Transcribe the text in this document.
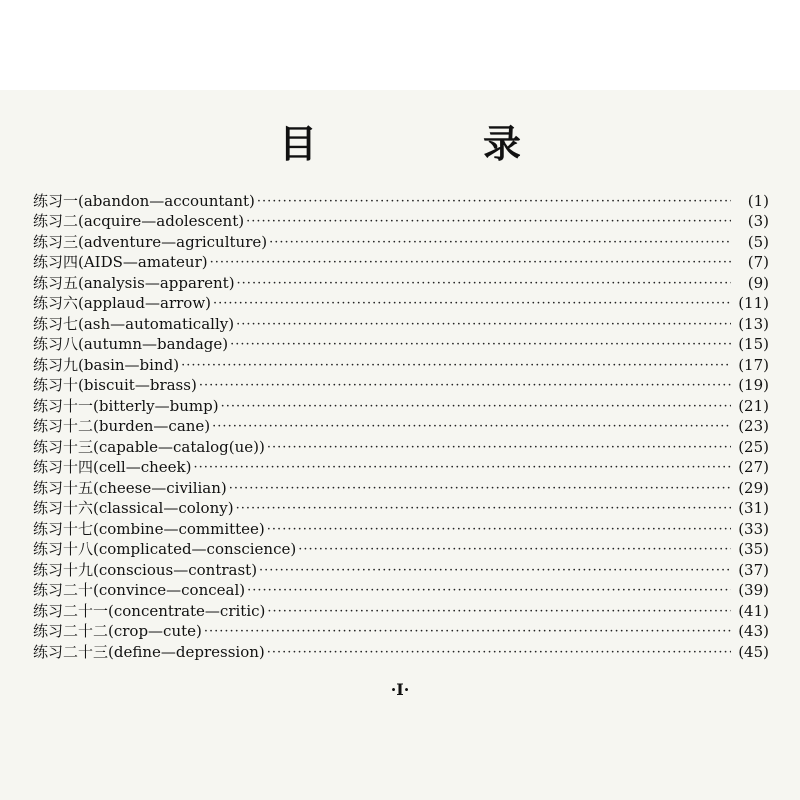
目　录
练习一(abandon—accountant) ·····	(1)
练习二(acquire—adolescent) ·····	(3)
练习三(adventure—agriculture) ·····	(5)
练习四(AIDS—amateur) ·····	(7)
练习五(analysis—apparent) ·····	(9)
练习六(applaud—arrow) ·····	(11)
练习七(ash—automatically) ·····	(13)
练习八(autumn—bandage) ·····	(15)
练习九(basin—bind) ·····	(17)
练习十(biscuit—brass) ·····	(19)
练习十一(bitterly—bump) ·····	(21)
练习十二(burden—cane) ·····	(23)
练习十三(capable—catalog(ue)) ·····	(25)
练习十四(cell—cheek) ·····	(27)
练习十五(cheese—civilian) ·····	(29)
练习十六(classical—colony) ·····	(31)
练习十七(combine—committee) ·····	(33)
练习十八(complicated—conscience) ·····	(35)
练习十九(conscious—contrast) ·····	(37)
练习二十(convince—conceal) ·····	(39)
练习二十一(concentrate—critic) ·····	(41)
练习二十二(crop—cute) ·····	(43)
练习二十三(define—depression) ·····	(45)
·I·
